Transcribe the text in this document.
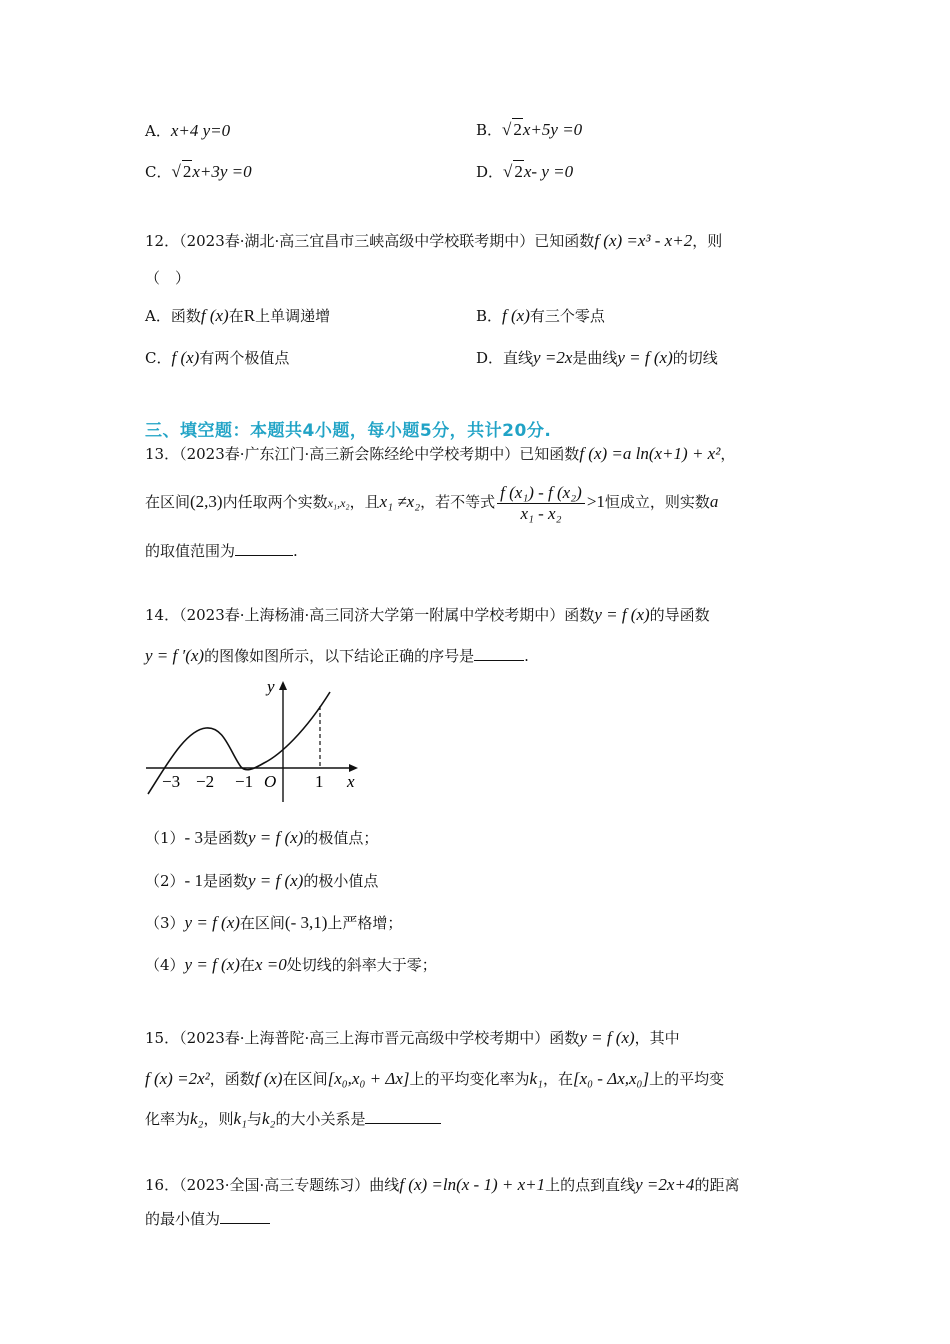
A．x+4 y=0	B．√ 2x+5y =0
C．√ 2x+3y =0	D．√ 2x- y =0
12．（2023春·湖北·高三宜昌市三峡高级中学校联考期中）已知函数f (x) =x³ - x+2，则
（　）
A．函数f (x)在R上单调递增	B．f (x)有三个零点
C．f (x)有两个极值点	D．直线y =2x是曲线y = f (x)的切线
三、填空题：本题共4小题，每小题5分，共计20分.
13．（2023春·广东江门·高三新会陈经纶中学校考期中）已知函数f (x) =a ln(x+1) + x²，
在区间(2,3)内任取两个实数x₁,x₂，且x₁ ≠x₂，若不等式 $\frac{\text{f (x₁) - f (x₂)}}{\text{x₁ - x₂}} >1$恒成立，则实数a
的取值范围为	.
14．（2023春·上海杨浦·高三同济大学第一附属中学校考期中）函数y = f (x)的导函数
y = f ′(x)的图像如图所示，以下结论正确的序号是	.
−3 −2 −1 O 1 x
y
（1）- 3是函数y = f (x)的极值点；
（2）- 1是函数y = f (x)的极小值点
（3）y = f (x)在区间(- 3,1)上严格增；
（4）y = f (x)在x =0处切线的斜率大于零；
15．（2023春·上海普陀·高三上海市晋元高级中学校考期中）函数y = f (x)，其中
f (x) =2x²，函数f (x)在区间[x₀,x₀ + Δx]上的平均变化率为k₁，在[x₀ - Δx,x₀]上的平均变
化率为k₂，则k₁与k₂的大小关系是
16．（2023·全国·高三专题练习）曲线f (x) =ln(x - 1) + x+1上的点到直线y =2x+4的距离
的最小值为
